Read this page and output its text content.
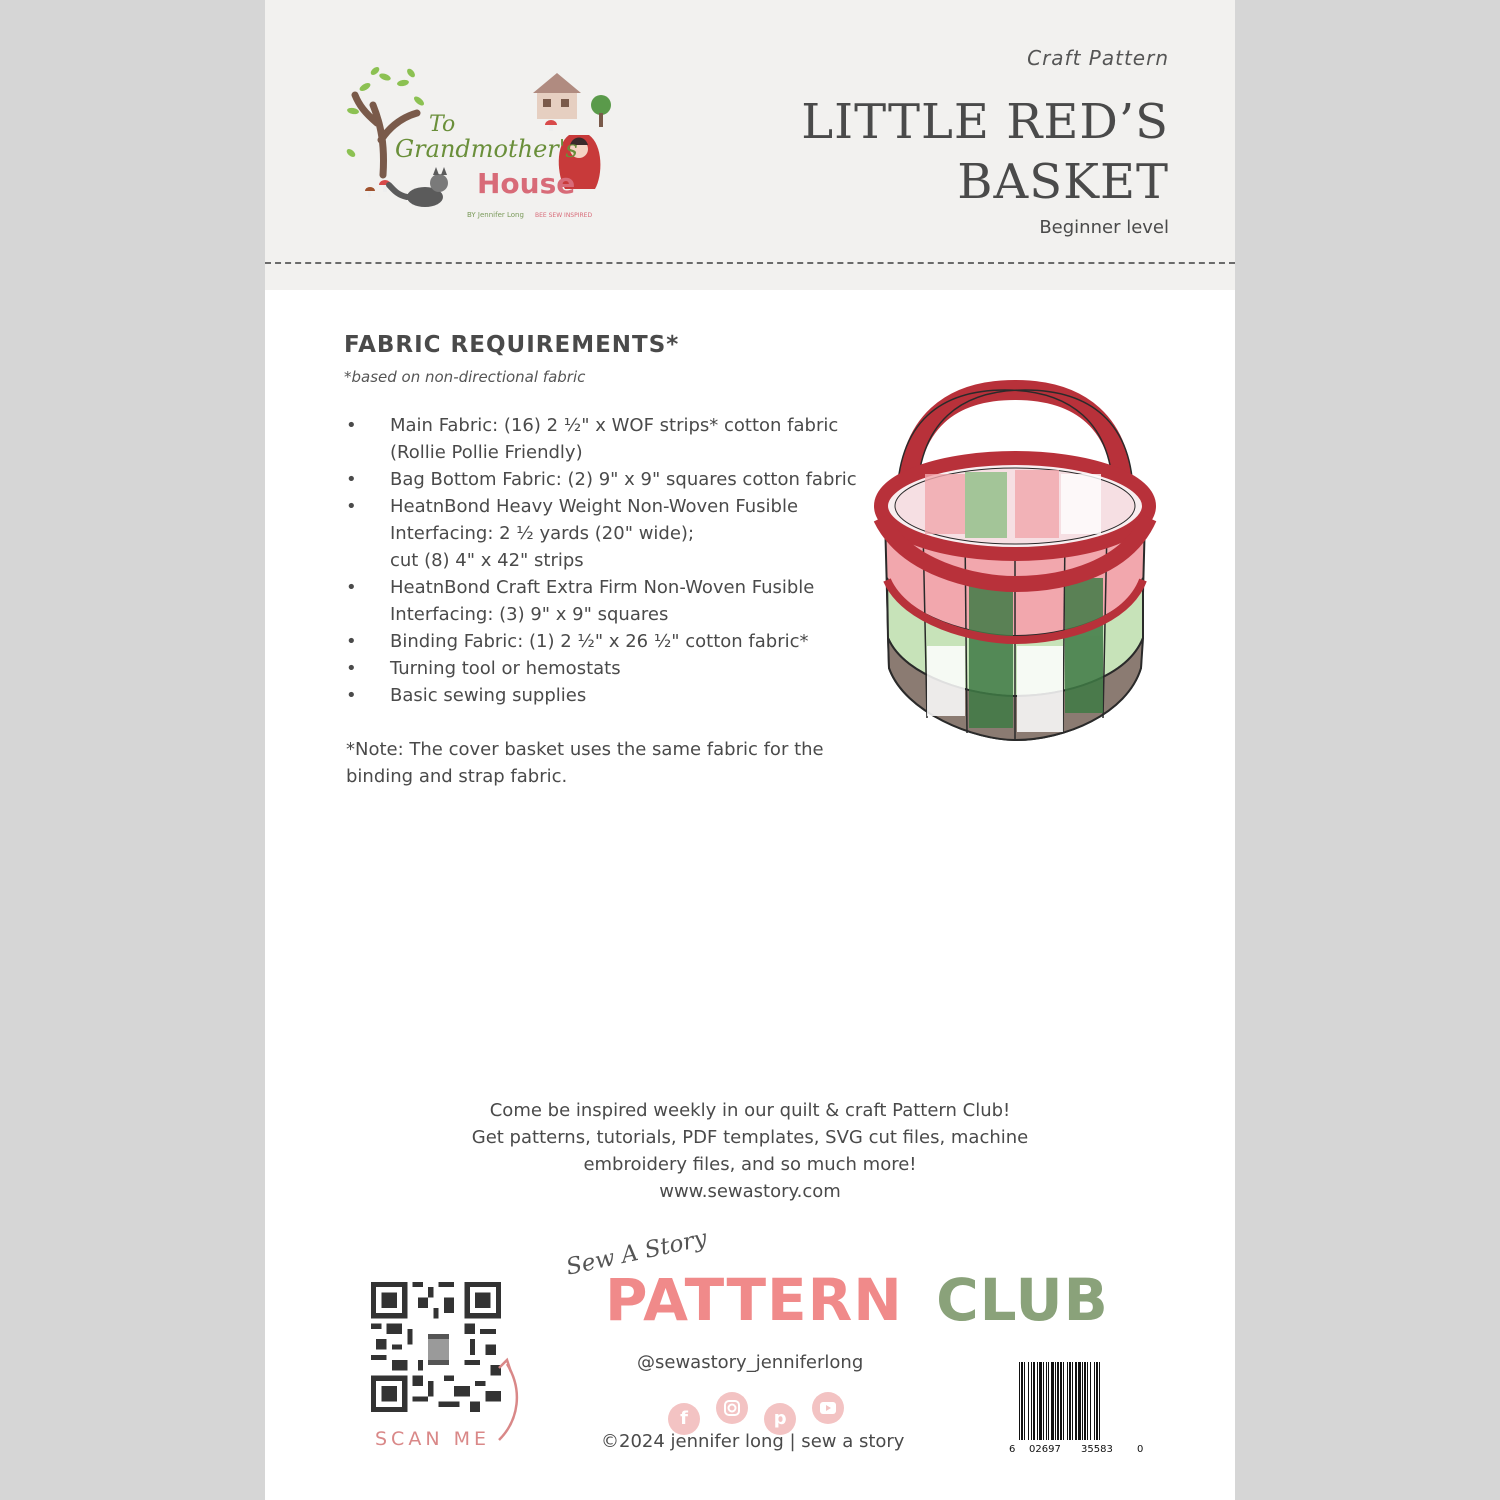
To
Grandmother's
House
BY Jennifer Long BEE SEW INSPIRED
Craft Pattern
LITTLE RED’S
BASKET
Beginner level
FABRIC REQUIREMENTS*
*based on non-directional fabric
• Main Fabric: (16) 2 ½" x WOF strips* cotton fabric
(Rollie Pollie Friendly)
• Bag Bottom Fabric: (2) 9" x 9" squares cotton fabric
• HeatnBond Heavy Weight Non-Woven Fusible
Interfacing: 2 ½ yards (20" wide);
cut (8) 4" x 42" strips
• HeatnBond Craft Extra Firm Non-Woven Fusible
Interfacing: (3) 9" x 9" squares
• Binding Fabric: (1) 2 ½" x 26 ½" cotton fabric*
• Turning tool or hemostats
• Basic sewing supplies
*Note: The cover basket uses the same fabric for the
binding and strap fabric.
Come be inspired weekly in our quilt & craft Pattern Club!
Get patterns, tutorials, PDF templates, SVG cut files, machine
embroidery files, and so much more!
www.sewastory.com
SCAN ME
Sew A Story
PATTERN CLUB
@sewastory_jenniferlong
f	p
©2024 jennifer long | sew a story	6 02697 35583 0
